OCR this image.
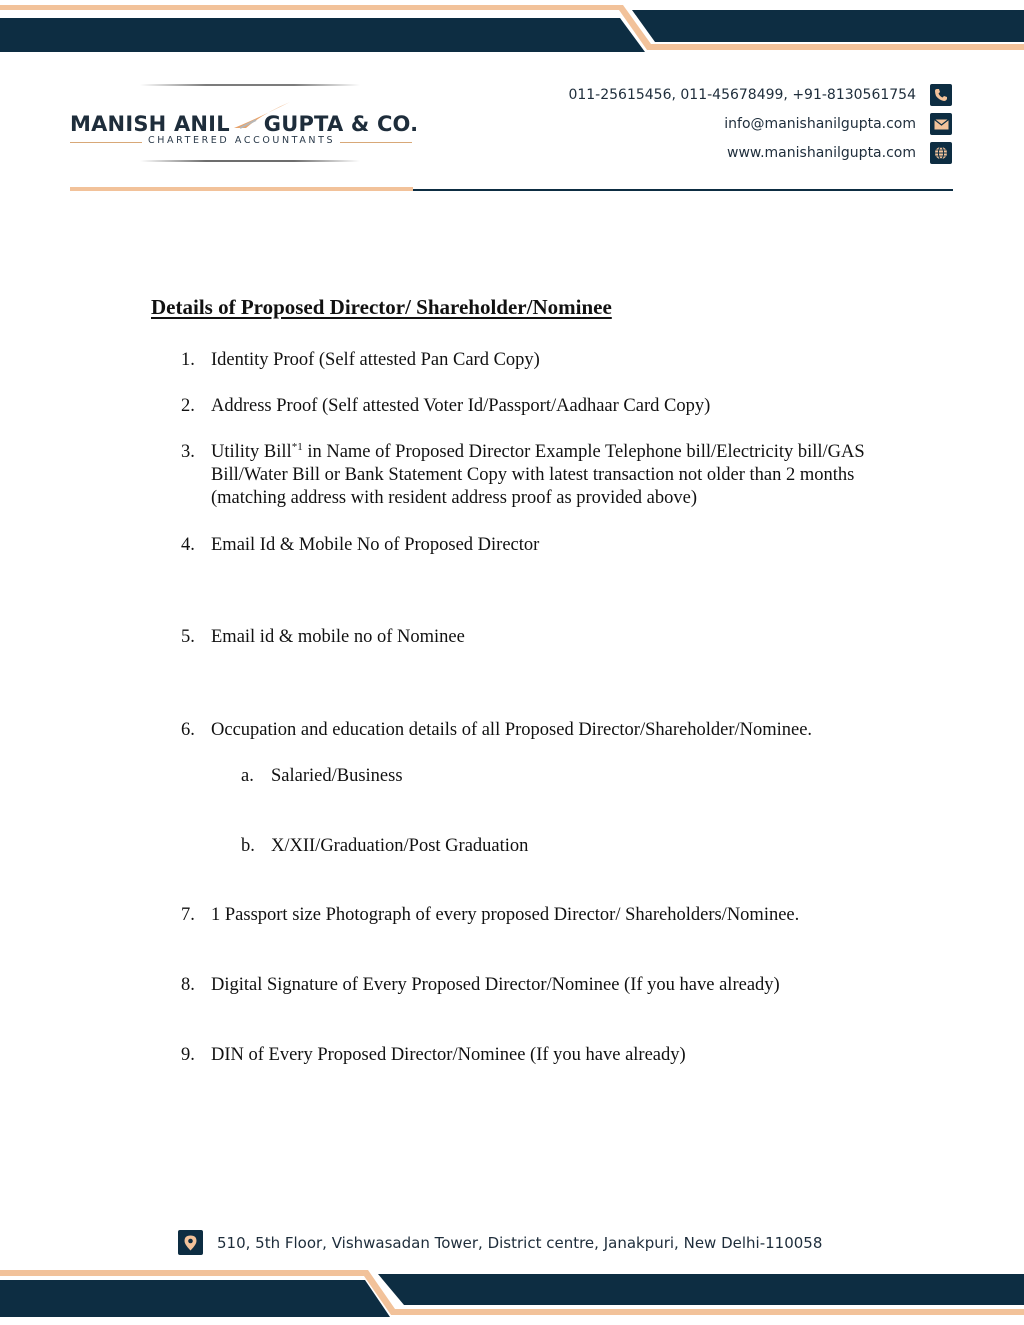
MANISH ANIL GUPTA & CO.
CHARTERED ACCOUNTANTS
011-25615456, 011-45678499, +91-8130561754
info@manishanilgupta.com
www.manishanilgupta.com
Details of Proposed Director/ Shareholder/Nominee
1. Identity Proof (Self attested Pan Card Copy)
2. Address Proof (Self attested Voter Id/Passport/Aadhaar Card Copy)
3. Utility Bill$^{*1}$ in Name of Proposed Director Example Telephone bill/Electricity bill/GAS Bill/Water Bill or Bank Statement Copy with latest transaction not older than 2 months (matching address with resident address proof as provided above)
4. Email Id & Mobile No of Proposed Director
5. Email id & mobile no of Nominee
6. Occupation and education details of all Proposed Director/Shareholder/Nominee.
a. Salaried/Business
b. X/XII/Graduation/Post Graduation
7. 1 Passport size Photograph of every proposed Director/ Shareholders/Nominee.
8. Digital Signature of Every Proposed Director/Nominee (If you have already)
9. DIN of Every Proposed Director/Nominee (If you have already)
510, 5th Floor, Vishwasadan Tower, District centre, Janakpuri, New Delhi-110058
